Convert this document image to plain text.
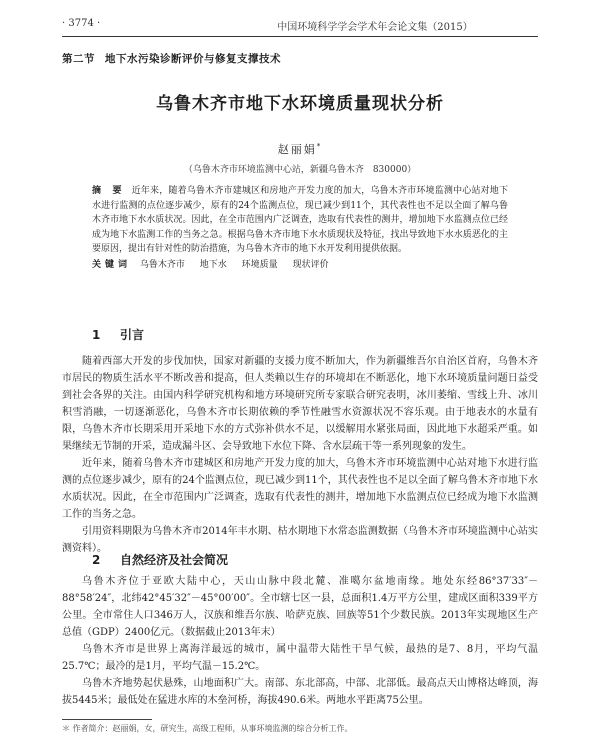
· 3774 ·	中国环境科学学会学术年会论文集（2015）
第二节 地下水污染诊断评价与修复支撑技术
乌鲁木齐市地下水环境质量现状分析
赵丽娟*
（乌鲁木齐市环境监测中心站，新疆乌鲁木齐　830000）
摘 要 近年来，随着乌鲁木齐市建城区和房地产开发力度的加大，乌鲁木齐市环境监测中心站对地下水进行监测的点位逐步减少，原有的24个监测点位，现已减少到11个，其代表性也不足以全面了解乌鲁木齐市地下水水质状况。因此，在全市范围内广泛调查，选取有代表性的测井，增加地下水监测点位已经成为地下水监测工作的当务之急。根据乌鲁木齐市地下水水质现状及特征，找出导致地下水水质恶化的主要原因，提出有针对性的防治措施，为乌鲁木齐市的地下水开发利用提供依据。
关键词 乌鲁木齐市 地下水 环境质量 现状评价
1 引言

随着西部大开发的步伐加快，国家对新疆的支援力度不断加大，作为新疆维吾尔自治区首府，乌鲁木齐市居民的物质生活水平不断改善和提高，但人类赖以生存的环境却在不断恶化，地下水环境质量问题日益受到社会各界的关注。由国内科学研究机构和地方环境研究所专家联合研究表明，冰川萎缩、雪线上升、冰川积雪消融，一切逐渐恶化，乌鲁木齐市长期依赖的季节性融雪水资源状况不容乐观。由于地表水的水量有限，乌鲁木齐市长期采用开采地下水的方式弥补供水不足，以缓解用水紧张局面，因此地下水超采严重。如果继续无节制的开采，造成漏斗区、会导致地下水位下降、含水层疏干等一系列现象的发生。

近年来，随着乌鲁木齐市建城区和房地产开发力度的加大，乌鲁木齐市环境监测中心站对地下水进行监测的点位逐步减少，原有的24个监测点位，现已减少到11个，其代表性也不足以全面了解乌鲁木齐市地下水水质状况。因此，在全市范围内广泛调查，选取有代表性的测井，增加地下水监测点位已经成为地下水监测工作的当务之急。

引用资料期限为乌鲁木齐市2014年丰水期、枯水期地下水常态监测数据（乌鲁木齐市环境监测中心站实测资料）。

2 自然经济及社会简况

乌鲁木齐位于亚欧大陆中心，天山山脉中段北麓、准噶尔盆地南缘。地处东经86°37′33″－88°58′24″，北纬42°45′32″－45°00′00″。全市辖七区一县，总面积1.4万平方公里，建成区面积339平方公里。全市常住人口346万人，汉族和维吾尔族、哈萨克族、回族等51个少数民族。2013年实现地区生产总值（GDP）2400亿元。（数据截止2013年末）

乌鲁木齐市是世界上离海洋最远的城市，属中温带大陆性干旱气候，最热的是7、8月，平均气温25.7℃；最冷的是1月，平均气温－15.2℃。

乌鲁木齐地势起伏悬殊，山地面积广大。南部、东北部高，中部、北部低。最高点天山博格达峰顶，海拔5445米；最低处在猛进水库的木垒河桥，海拔490.6米。两地水平距离75公里。

＊ 作者简介：赵丽娟，女，研究生，高级工程师，从事环境监测的综合分析工作。
